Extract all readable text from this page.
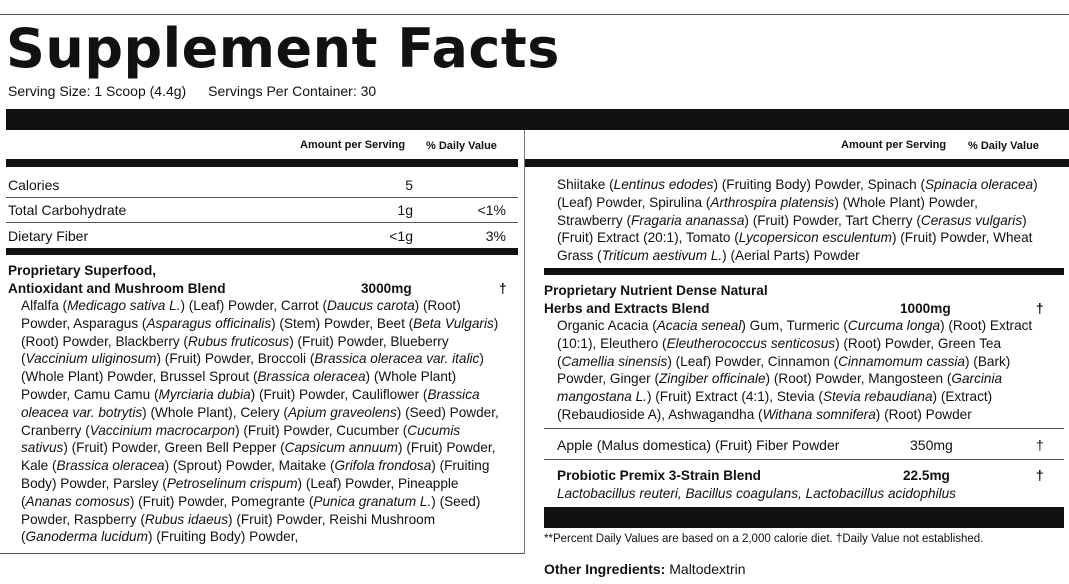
Supplement Facts
Serving Size: 1 Scoop (4.4g) Servings Per Container: 30
Amount per Serving % Daily Value
Calories	5
Total Carbohydrate	1g	<1%
Dietary Fiber	<1g	3%
Proprietary Superfood,
Antioxidant and Mushroom Blend	3000mg	†
Alfalfa (Medicago sativa L.) (Leaf) Powder, Carrot (Daucus carota) (Root)
Powder, Asparagus (Asparagus officinalis) (Stem) Powder, Beet (Beta Vulgaris)
(Root) Powder, Blackberry (Rubus fruticosus) (Fruit) Powder, Blueberry
(Vaccinium uliginosum) (Fruit) Powder, Broccoli (Brassica oleracea var. italic)
(Whole Plant) Powder, Brussel Sprout (Brassica oleracea) (Whole Plant)
Powder, Camu Camu (Myrciaria dubia) (Fruit) Powder, Cauliflower (Brassica
oleacea var. botrytis) (Whole Plant), Celery (Apium graveolens) (Seed) Powder,
Cranberry (Vaccinium macrocarpon) (Fruit) Powder, Cucumber (Cucumis
sativus) (Fruit) Powder, Green Bell Pepper (Capsicum annuum) (Fruit) Powder,
Kale (Brassica oleracea) (Sprout) Powder, Maitake (Grifola frondosa) (Fruiting
Body) Powder, Parsley (Petroselinum crispum) (Leaf) Powder, Pineapple
(Ananas comosus) (Fruit) Powder, Pomegrante (Punica granatum L.) (Seed)
Powder, Raspberry (Rubus idaeus) (Fruit) Powder, Reishi Mushroom
(Ganoderma lucidum) (Fruiting Body) Powder,
Amount per Serving % Daily Value
Shiitake (Lentinus edodes) (Fruiting Body) Powder, Spinach (Spinacia oleracea)
(Leaf) Powder, Spirulina (Arthrospira platensis) (Whole Plant) Powder,
Strawberry (Fragaria ananassa) (Fruit) Powder, Tart Cherry (Cerasus vulgaris)
(Fruit) Extract (20:1), Tomato (Lycopersicon esculentum) (Fruit) Powder, Wheat
Grass (Triticum aestivum L.) (Aerial Parts) Powder
Proprietary Nutrient Dense Natural
Herbs and Extracts Blend	1000mg	†
Organic Acacia (Acacia seneal) Gum, Turmeric (Curcuma longa) (Root) Extract
(10:1), Eleuthero (Eleutherococcus senticosus) (Root) Powder, Green Tea
(Camellia sinensis) (Leaf) Powder, Cinnamon (Cinnamomum cassia) (Bark)
Powder, Ginger (Zingiber officinale) (Root) Powder, Mangosteen (Garcinia
mangostana L.) (Fruit) Extract (4:1), Stevia (Stevia rebaudiana) (Extract)
(Rebaudioside A), Ashwagandha (Withana somnifera) (Root) Powder
Apple (Malus domestica) (Fruit) Fiber Powder	350mg	†
Probiotic Premix 3-Strain Blend	22.5mg	†
Lactobacillus reuteri, Bacillus coagulans, Lactobacillus acidophilus
**Percent Daily Values are based on a 2,000 calorie diet. †Daily Value not established.
Other Ingredients: Maltodextrin
